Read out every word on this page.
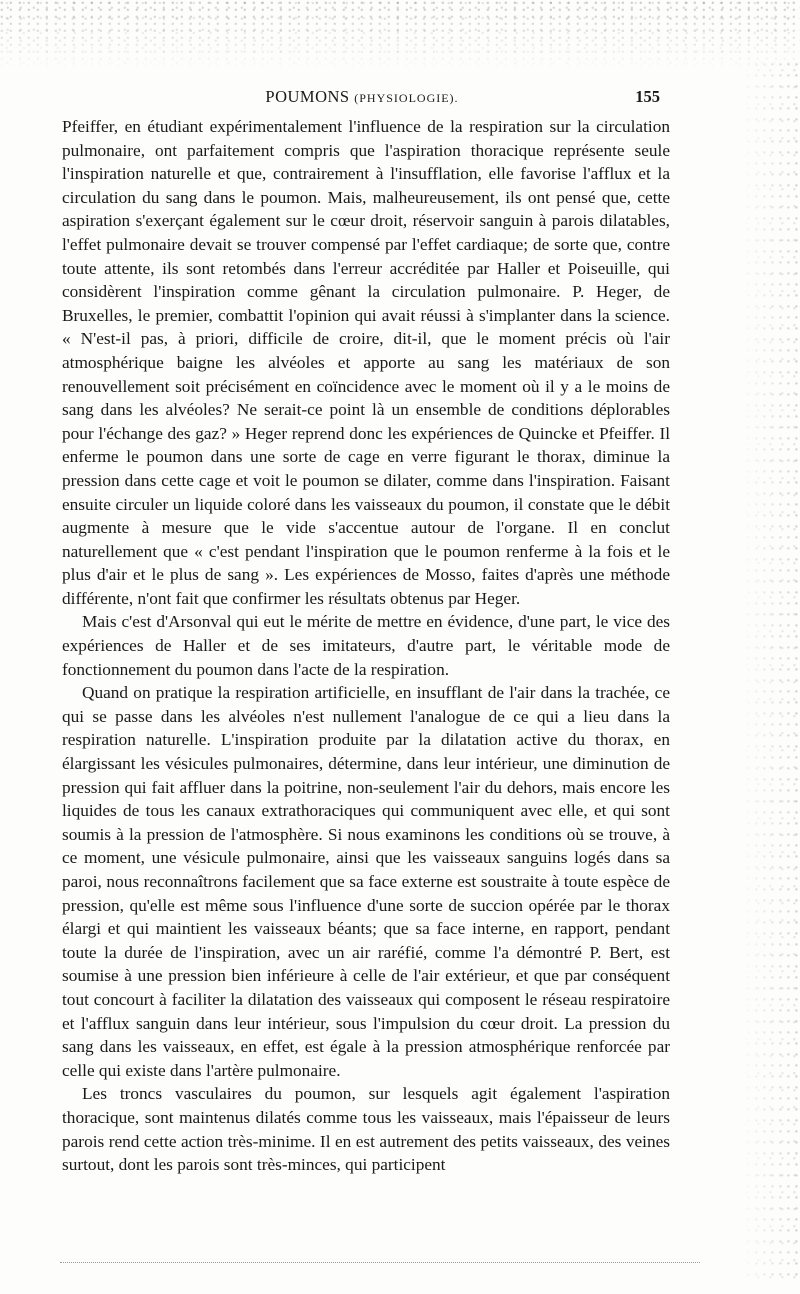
POUMONS (PHYSIOLOGIE).	155

Pfeiffer, en étudiant expérimentalement l'influence de la respiration sur la circulation pulmonaire, ont parfaitement compris que l'aspiration thoracique représente seule l'inspiration naturelle et que, contrairement à l'insufflation, elle favorise l'afflux et la circulation du sang dans le poumon. Mais, malheureusement, ils ont pensé que, cette aspiration s'exerçant également sur le cœur droit, réservoir sanguin à parois dilatables, l'effet pulmonaire devait se trouver compensé par l'effet cardiaque; de sorte que, contre toute attente, ils sont retombés dans l'erreur accréditée par Haller et Poiseuille, qui considèrent l'inspiration comme gênant la circulation pulmonaire. P. Heger, de Bruxelles, le premier, combattit l'opinion qui avait réussi à s'implanter dans la science. « N'est-il pas, à priori, difficile de croire, dit-il, que le moment précis où l'air atmosphérique baigne les alvéoles et apporte au sang les matériaux de son renouvellement soit précisément en coïncidence avec le moment où il y a le moins de sang dans les alvéoles? Ne serait-ce point là un ensemble de conditions déplorables pour l'échange des gaz? » Heger reprend donc les expériences de Quincke et Pfeiffer. Il enferme le poumon dans une sorte de cage en verre figurant le thorax, diminue la pression dans cette cage et voit le poumon se dilater, comme dans l'inspiration. Faisant ensuite circuler un liquide coloré dans les vaisseaux du poumon, il constate que le débit augmente à mesure que le vide s'accentue autour de l'organe. Il en conclut naturellement que « c'est pendant l'inspiration que le poumon renferme à la fois et le plus d'air et le plus de sang ». Les expériences de Mosso, faites d'après une méthode différente, n'ont fait que confirmer les résultats obtenus par Heger.

Mais c'est d'Arsonval qui eut le mérite de mettre en évidence, d'une part, le vice des expériences de Haller et de ses imitateurs, d'autre part, le véritable mode de fonctionnement du poumon dans l'acte de la respiration.

Quand on pratique la respiration artificielle, en insufflant de l'air dans la trachée, ce qui se passe dans les alvéoles n'est nullement l'analogue de ce qui a lieu dans la respiration naturelle. L'inspiration produite par la dilatation active du thorax, en élargissant les vésicules pulmonaires, détermine, dans leur intérieur, une diminution de pression qui fait affluer dans la poitrine, non-seulement l'air du dehors, mais encore les liquides de tous les canaux extrathoraciques qui communiquent avec elle, et qui sont soumis à la pression de l'atmosphère. Si nous examinons les conditions où se trouve, à ce moment, une vésicule pulmonaire, ainsi que les vaisseaux sanguins logés dans sa paroi, nous reconnaîtrons facilement que sa face externe est soustraite à toute espèce de pression, qu'elle est même sous l'influence d'une sorte de succion opérée par le thorax élargi et qui maintient les vaisseaux béants; que sa face interne, en rapport, pendant toute la durée de l'inspiration, avec un air raréfié, comme l'a démontré P. Bert, est soumise à une pression bien inférieure à celle de l'air extérieur, et que par conséquent tout concourt à faciliter la dilatation des vaisseaux qui composent le réseau respiratoire et l'afflux sanguin dans leur intérieur, sous l'impulsion du cœur droit. La pression du sang dans les vaisseaux, en effet, est égale à la pression atmosphérique renforcée par celle qui existe dans l'artère pulmonaire.

Les troncs vasculaires du poumon, sur lesquels agit également l'aspiration thoracique, sont maintenus dilatés comme tous les vaisseaux, mais l'épaisseur de leurs parois rend cette action très-minime. Il en est autrement des petits vaisseaux, des veines surtout, dont les parois sont très-minces, qui participent
